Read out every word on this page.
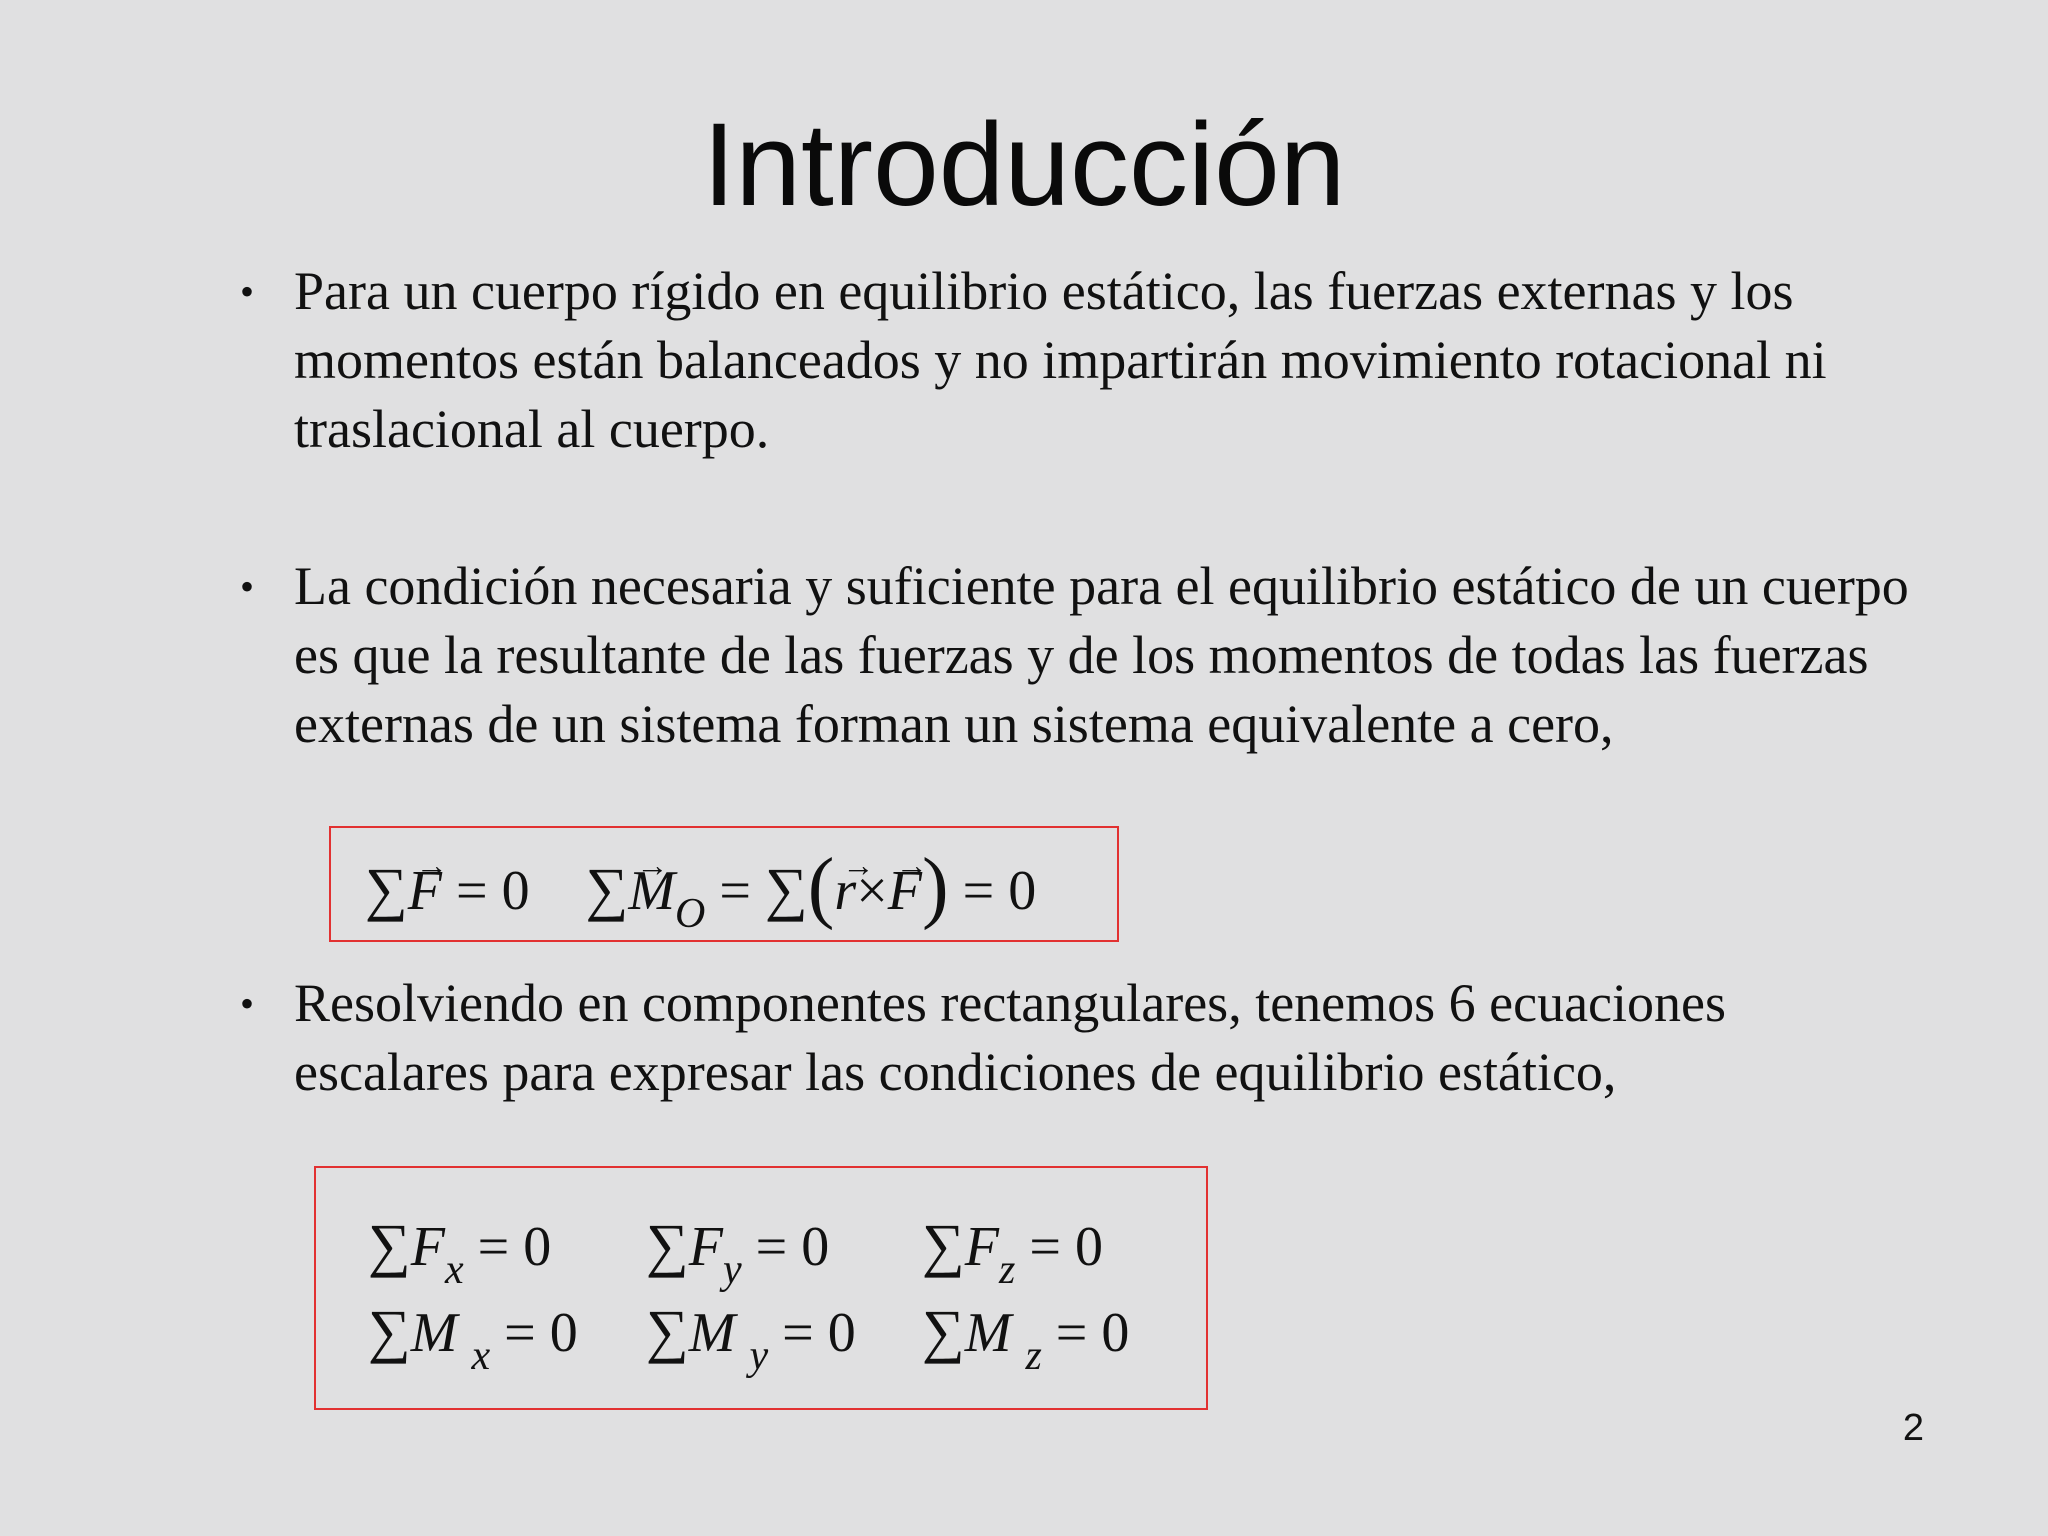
Introducción
• Para un cuerpo rígido en equilibrio estático, las fuerzas externas y los momentos están balanceados y no impartirán movimiento rotacional ni traslacional al cuerpo.
• La condición necesaria y suficiente para el equilibrio estático de un cuerpo es que la resultante de las fuerzas y de los momentos de todas las fuerzas externas de un sistema forman un sistema equivalente a cero,
∑→ F = 0 ∑→ $M_O$ = ∑(→ r×→ F) = 0
• Resolviendo en componentes rectangulares, tenemos 6 ecuaciones escalares para expresar las condiciones de equilibrio estático,
$\sum F_x = 0$ $\sum F_y = 0$ $\sum F_z = 0$
∑M $_x$ = 0 ∑M $_y$ = 0 ∑M $_z$ = 0
2
